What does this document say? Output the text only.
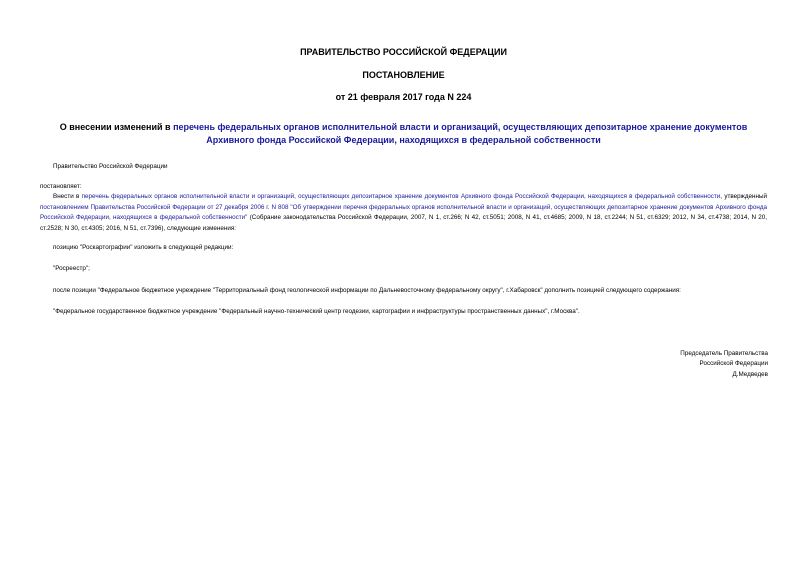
ПРАВИТЕЛЬСТВО РОССИЙСКОЙ ФЕДЕРАЦИИ
ПОСТАНОВЛЕНИЕ
от 21 февраля 2017 года N 224
О внесении изменений в перечень федеральных органов исполнительной власти и организаций, осуществляющих депозитарное хранение документов Архивного фонда Российской Федерации, находящихся в федеральной собственности
Правительство Российской Федерации
постановляет:
Внести в перечень федеральных органов исполнительной власти и организаций, осуществляющих депозитарное хранение документов Архивного фонда Российской Федерации, находящихся в федеральной собственности, утвержденный постановлением Правительства Российской Федерации от 27 декабря 2006 г. N 808 "Об утверждении перечня федеральных органов исполнительной власти и организаций, осуществляющих депозитарное хранение документов Архивного фонда Российской Федерации, находящихся в федеральной собственности" (Собрание законодательства Российской Федерации, 2007, N 1, ст.266; N 42, ст.5051; 2008, N 41, ст.4685; 2009, N 18, ст.2244; N 51, ст.6329; 2012, N 34, ст.4738; 2014, N 20, ст.2528; N 30, ст.4305; 2016, N 51, ст.7396), следующие изменения:
позицию "Роскартографии" изложить в следующей редакции:
"Росреестр";
после позиции "Федеральное бюджетное учреждение "Территориальный фонд геологической информации по Дальневосточному федеральному округу", г.Хабаровск" дополнить позицией следующего содержания:
"Федеральное государственное бюджетное учреждение "Федеральный научно-технический центр геодезии, картографии и инфраструктуры пространственных данных", г.Москва".
Председатель Правительства
Российской Федерации
Д.Медведев
